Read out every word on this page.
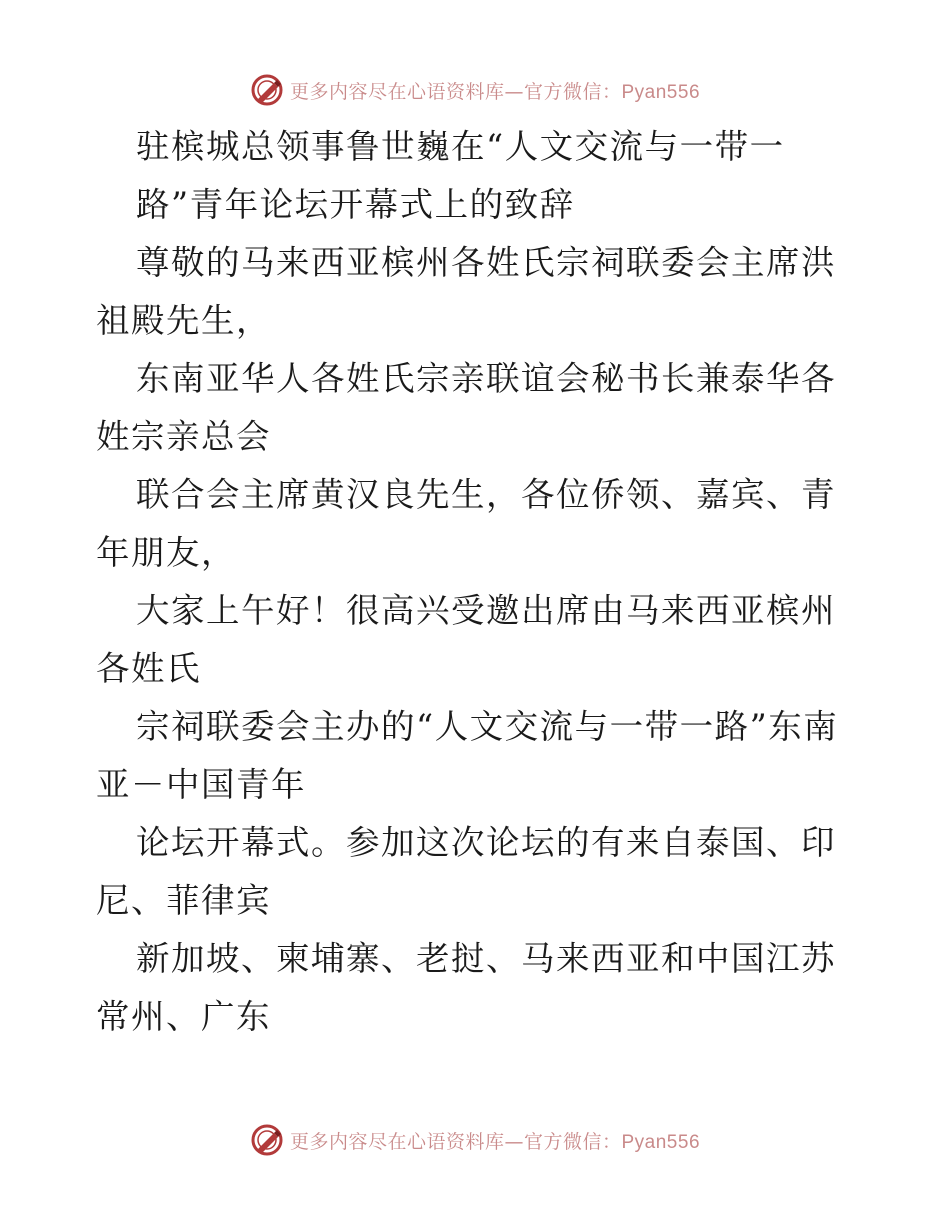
更多内容尽在心语资料库—官方微信：Pyan556

驻槟城总领事鲁世巍在“人文交流与一带一

路”青年论坛开幕式上的致辞

尊敬的马来西亚槟州各姓氏宗祠联委会主席洪祖殿先生，

东南亚华人各姓氏宗亲联谊会秘书长兼泰华各姓宗亲总会

联合会主席黄汉良先生，各位侨领、嘉宾、青年朋友，

大家上午好！很高兴受邀出席由马来西亚槟州各姓氏

宗祠联委会主办的“人文交流与一带一路”东南亚－中国青年

论坛开幕式。参加这次论坛的有来自泰国、印尼、菲律宾

新加坡、柬埔寨、老挝、马来西亚和中国江苏常州、广东

更多内容尽在心语资料库—官方微信：Pyan556
